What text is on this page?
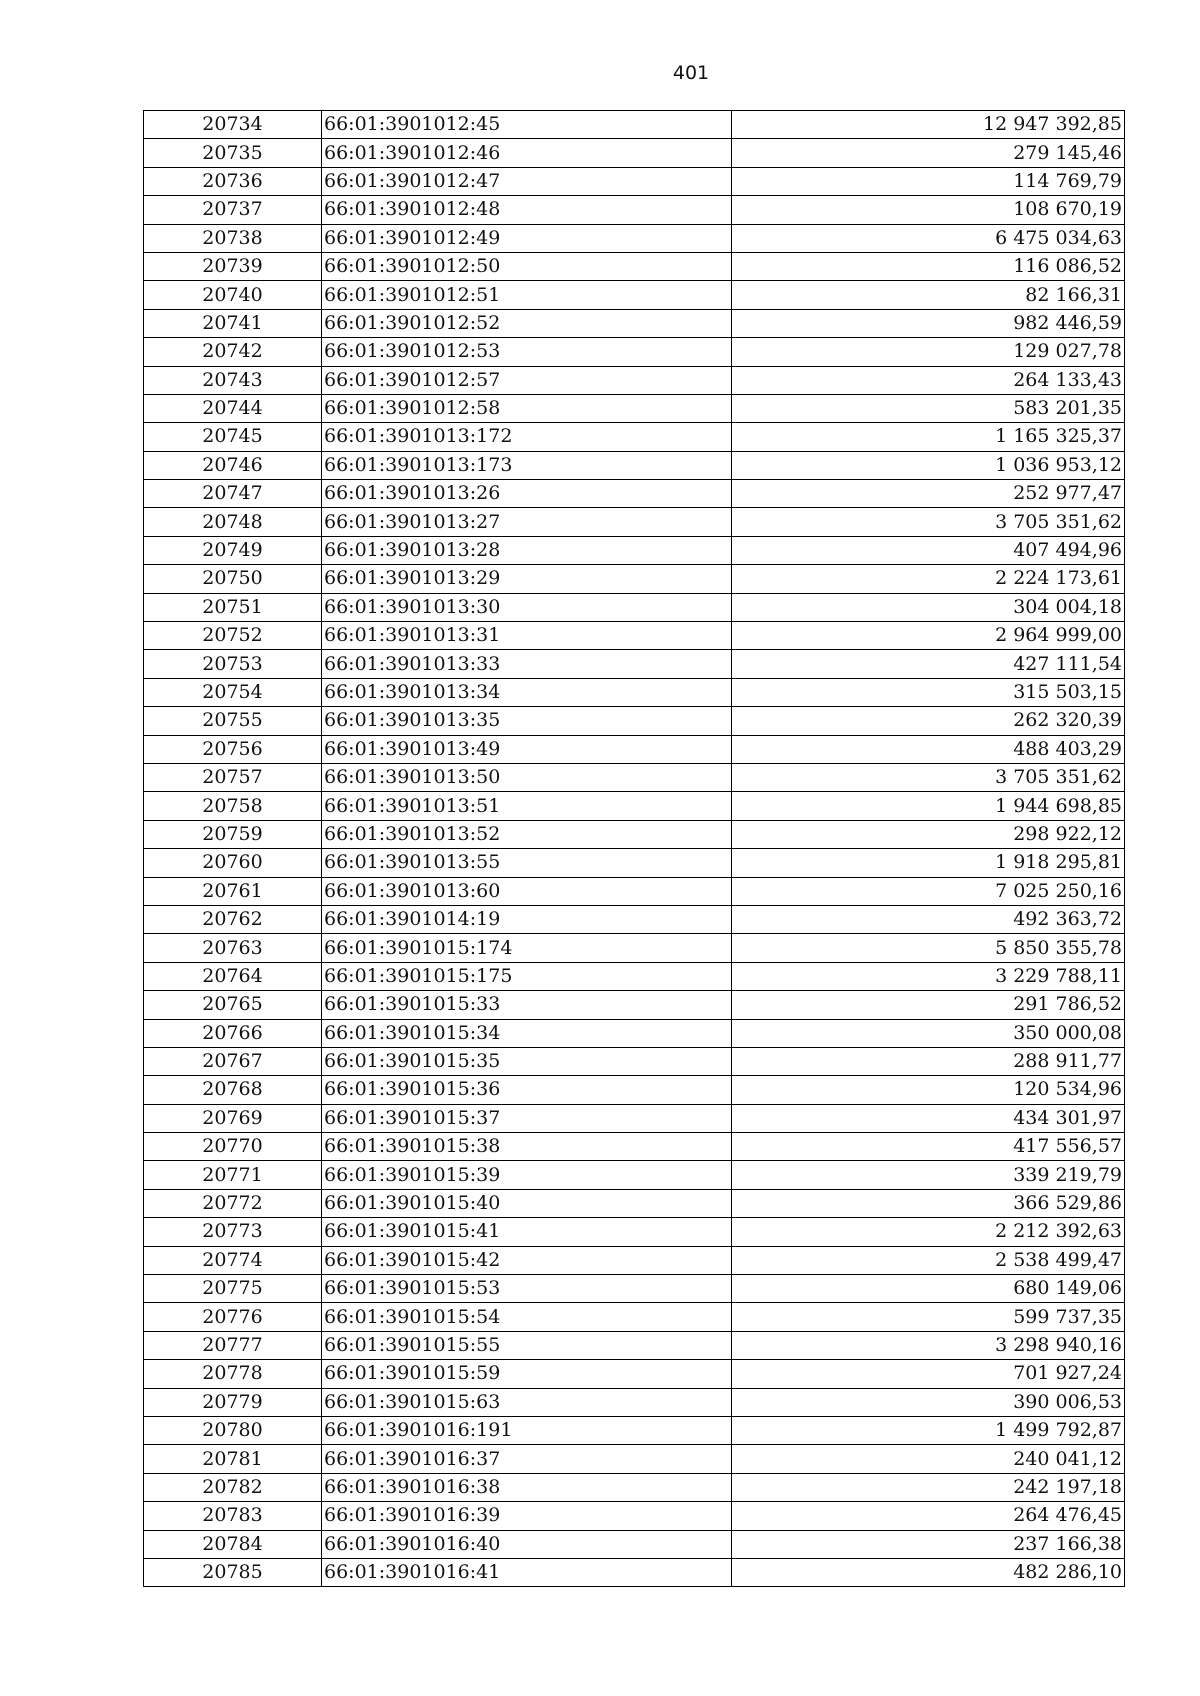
401
20734	66:01:3901012:45	12 947 392,85
20735	66:01:3901012:46	279 145,46
20736	66:01:3901012:47	114 769,79
20737	66:01:3901012:48	108 670,19
20738	66:01:3901012:49	6 475 034,63
20739	66:01:3901012:50	116 086,52
20740	66:01:3901012:51	82 166,31
20741	66:01:3901012:52	982 446,59
20742	66:01:3901012:53	129 027,78
20743	66:01:3901012:57	264 133,43
20744	66:01:3901012:58	583 201,35
20745	66:01:3901013:172	1 165 325,37
20746	66:01:3901013:173	1 036 953,12
20747	66:01:3901013:26	252 977,47
20748	66:01:3901013:27	3 705 351,62
20749	66:01:3901013:28	407 494,96
20750	66:01:3901013:29	2 224 173,61
20751	66:01:3901013:30	304 004,18
20752	66:01:3901013:31	2 964 999,00
20753	66:01:3901013:33	427 111,54
20754	66:01:3901013:34	315 503,15
20755	66:01:3901013:35	262 320,39
20756	66:01:3901013:49	488 403,29
20757	66:01:3901013:50	3 705 351,62
20758	66:01:3901013:51	1 944 698,85
20759	66:01:3901013:52	298 922,12
20760	66:01:3901013:55	1 918 295,81
20761	66:01:3901013:60	7 025 250,16
20762	66:01:3901014:19	492 363,72
20763	66:01:3901015:174	5 850 355,78
20764	66:01:3901015:175	3 229 788,11
20765	66:01:3901015:33	291 786,52
20766	66:01:3901015:34	350 000,08
20767	66:01:3901015:35	288 911,77
20768	66:01:3901015:36	120 534,96
20769	66:01:3901015:37	434 301,97
20770	66:01:3901015:38	417 556,57
20771	66:01:3901015:39	339 219,79
20772	66:01:3901015:40	366 529,86
20773	66:01:3901015:41	2 212 392,63
20774	66:01:3901015:42	2 538 499,47
20775	66:01:3901015:53	680 149,06
20776	66:01:3901015:54	599 737,35
20777	66:01:3901015:55	3 298 940,16
20778	66:01:3901015:59	701 927,24
20779	66:01:3901015:63	390 006,53
20780	66:01:3901016:191	1 499 792,87
20781	66:01:3901016:37	240 041,12
20782	66:01:3901016:38	242 197,18
20783	66:01:3901016:39	264 476,45
20784	66:01:3901016:40	237 166,38
20785	66:01:3901016:41	482 286,10
